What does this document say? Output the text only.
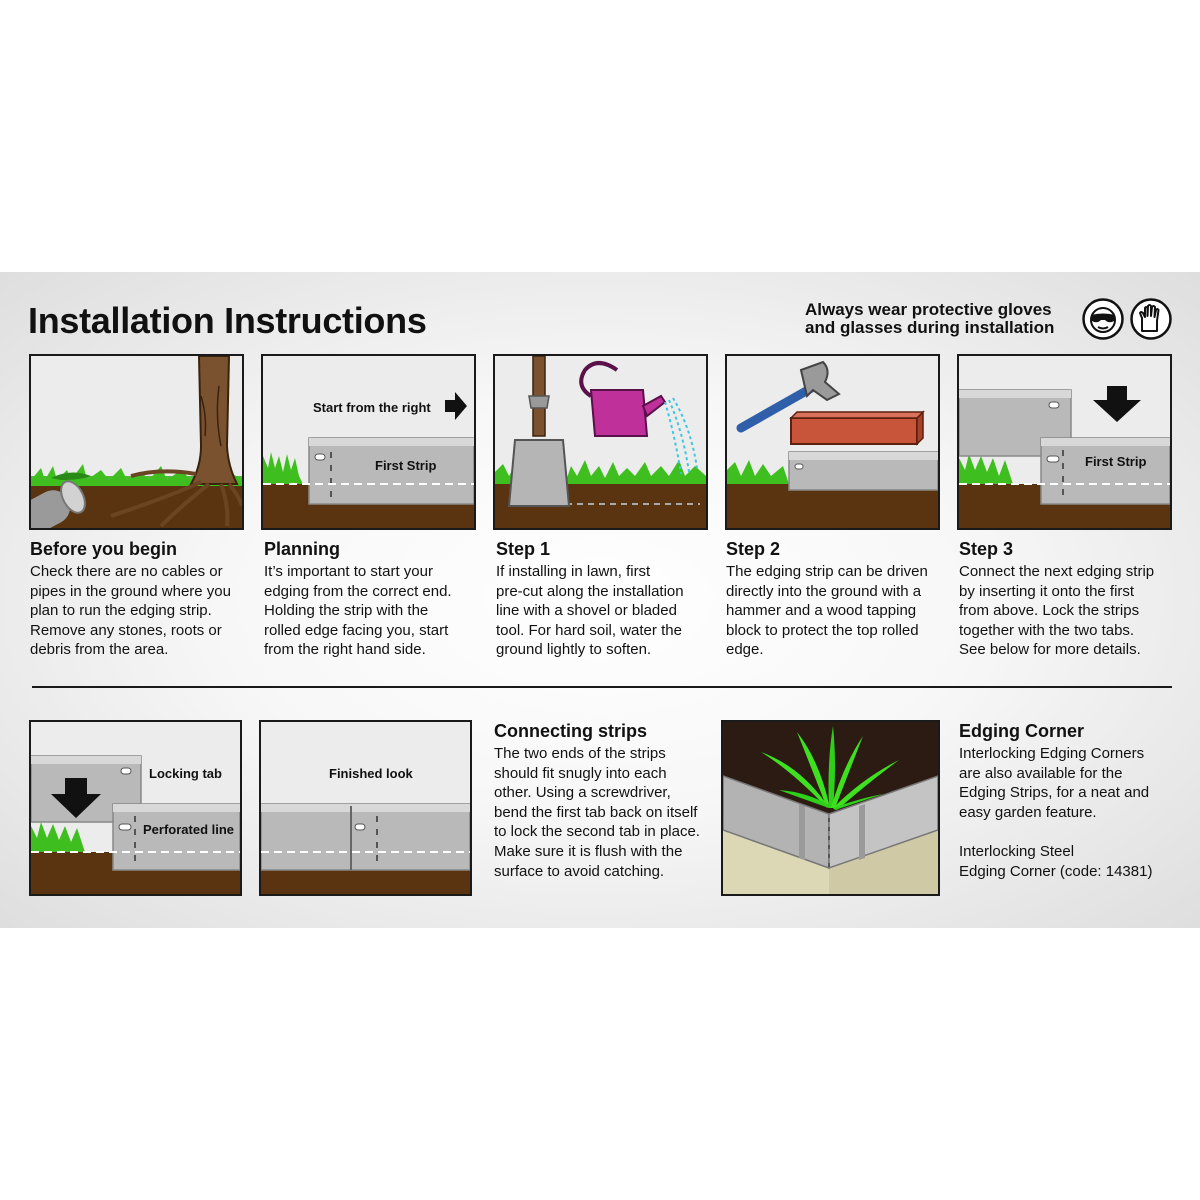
Installation Instructions	Always wear protective gloves
and glasses during installation
Start from the right
First Strip	First Strip
Before you begin
Check there are no cables or
pipes in the ground where you
plan to run the edging strip.
Remove any stones, roots or
debris from the area.
Planning
It’s important to start your
edging from the correct end.
Holding the strip with the
rolled edge facing you, start
from the right hand side.
Step 1
If installing in lawn, first
pre-cut along the installation
line with a shovel or bladed
tool. For hard soil, water the
ground lightly to soften.
Step 2
The edging strip can be driven
directly into the ground with a
hammer and a wood tapping
block to protect the top rolled
edge.
Step 3
Connect the next edging strip
by inserting it onto the first
from above. Lock the strips
together with the two tabs.
See below for more details.
Locking tab
Perforated line
Finished look
Connecting strips
The two ends of the strips
should fit snugly into each
other. Using a screwdriver,
bend the first tab back on itself
to lock the second tab in place.
Make sure it is flush with the
surface to avoid catching.
Edging Corner
Interlocking Edging Corners
are also available for the
Edging Strips, for a neat and
easy garden feature.
Interlocking Steel
Edging Corner (code: 14381)
